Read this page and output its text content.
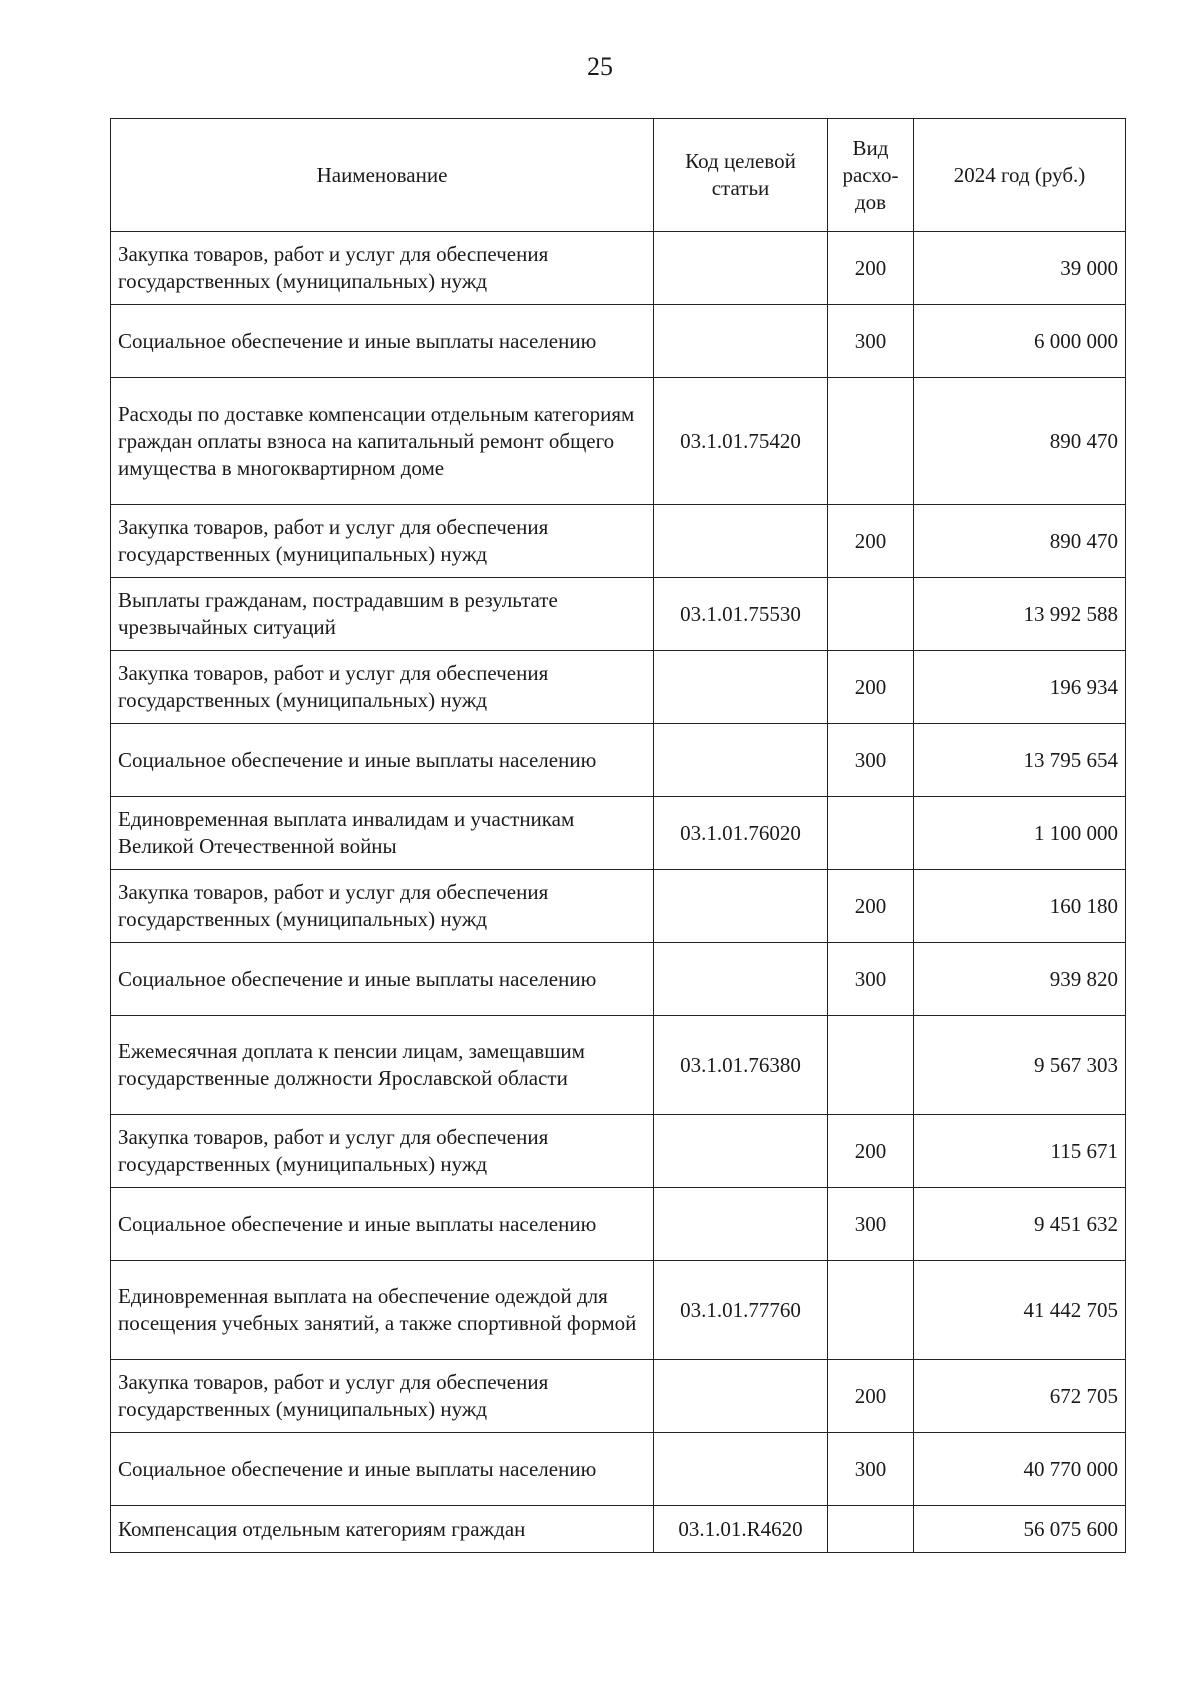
25
Наименование	Код целевой статьи	Вид расхо-дов	2024 год (руб.)
Закупка товаров, работ и услуг для обеспечения государственных (муниципальных) нужд		200	39 000
Социальное обеспечение и иные выплаты населению		300	6 000 000
Расходы по доставке компенсации отдельным категориям граждан оплаты взноса на капитальный ремонт общего имущества в многоквартирном доме	03.1.01.75420		890 470
Закупка товаров, работ и услуг для обеспечения государственных (муниципальных) нужд		200	890 470
Выплаты гражданам, пострадавшим в результате чрезвычайных ситуаций	03.1.01.75530		13 992 588
Закупка товаров, работ и услуг для обеспечения государственных (муниципальных) нужд		200	196 934
Социальное обеспечение и иные выплаты населению		300	13 795 654
Единовременная выплата инвалидам и участникам Великой Отечественной войны	03.1.01.76020		1 100 000
Закупка товаров, работ и услуг для обеспечения государственных (муниципальных) нужд		200	160 180
Социальное обеспечение и иные выплаты населению		300	939 820
Ежемесячная доплата к пенсии лицам, замещавшим государственные должности Ярославской области	03.1.01.76380		9 567 303
Закупка товаров, работ и услуг для обеспечения государственных (муниципальных) нужд		200	115 671
Социальное обеспечение и иные выплаты населению		300	9 451 632
Единовременная выплата на обеспечение одеждой для посещения учебных занятий, а также спортивной формой	03.1.01.77760		41 442 705
Закупка товаров, работ и услуг для обеспечения государственных (муниципальных) нужд		200	672 705
Социальное обеспечение и иные выплаты населению		300	40 770 000
Компенсация отдельным категориям граждан	03.1.01.R4620		56 075 600
